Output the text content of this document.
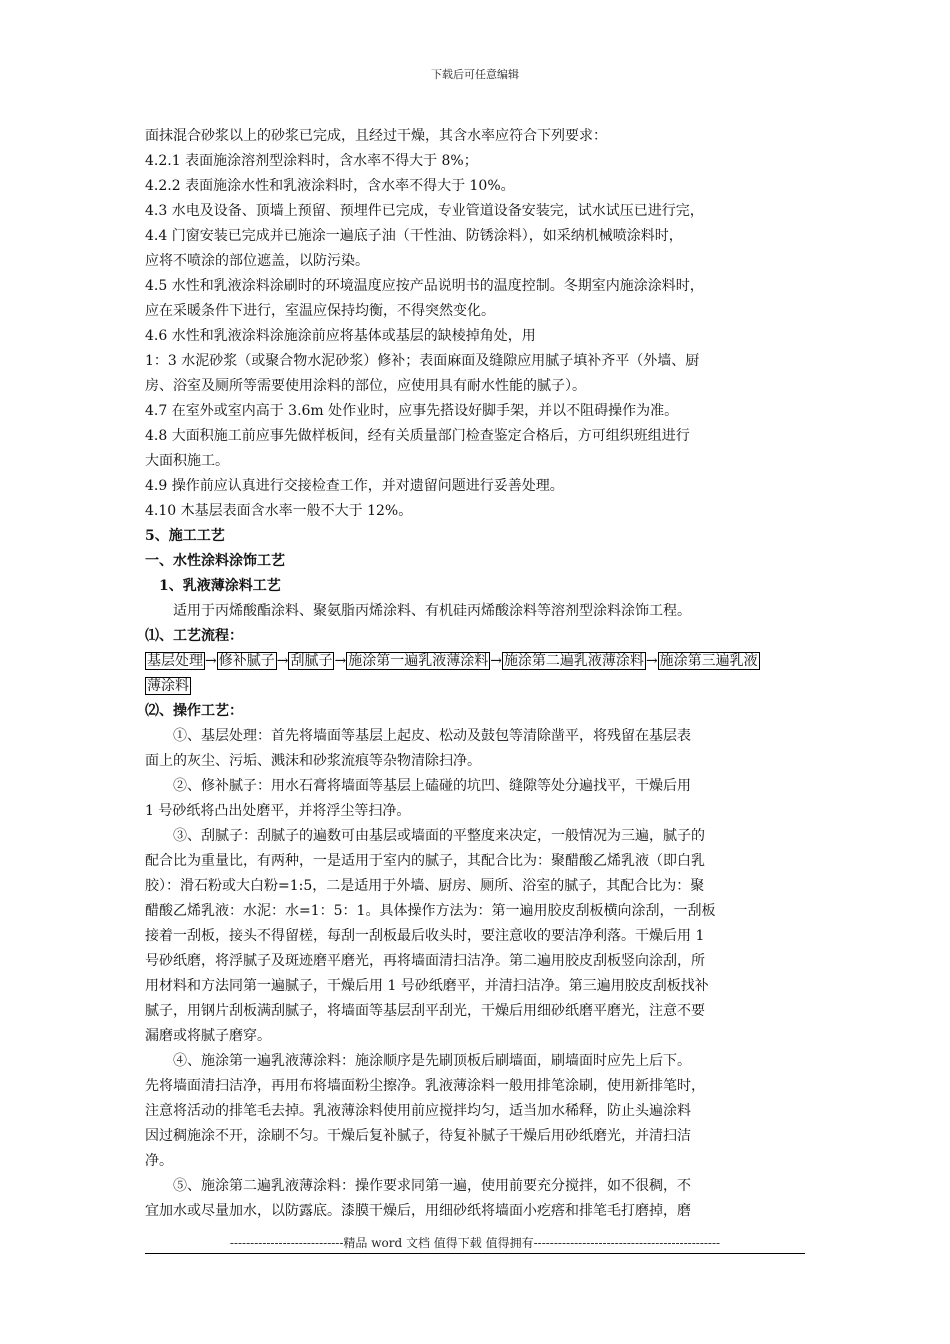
下载后可任意编辑

面抹混合砂浆以上的砂浆已完成，且经过干燥，其含水率应符合下列要求：

4.2.1 表面施涂溶剂型涂料时，含水率不得大于 8%；

4.2.2 表面施涂水性和乳液涂料时，含水率不得大于 10%。

4.3 水电及设备、顶墙上预留、预埋件已完成，专业管道设备安装完，试水试压已进行完，

4.4 门窗安装已完成并已施涂一遍底子油（干性油、防锈涂料），如采纳机械喷涂料时，

应将不喷涂的部位遮盖，以防污染。

4.5 水性和乳液涂料涂刷时的环境温度应按产品说明书的温度控制。冬期室内施涂涂料时，

应在采暖条件下进行，室温应保持均衡，不得突然变化。

4.6 水性和乳液涂料涂施涂前应将基体或基层的缺棱掉角处，用

1：3 水泥砂浆（或聚合物水泥砂浆）修补；表面麻面及缝隙应用腻子填补齐平（外墙、厨

房、浴室及厕所等需要使用涂料的部位，应使用具有耐水性能的腻子）。

4.7 在室外或室内高于 3.6m 处作业时，应事先搭设好脚手架，并以不阻碍操作为准。

4.8 大面积施工前应事先做样板间，经有关质量部门检查鉴定合格后，方可组织班组进行

大面积施工。

4.9 操作前应认真进行交接检查工作，并对遗留问题进行妥善处理。

4.10 木基层表面含水率一般不大于 12%。

5、施工工艺

一、水性涂料涂饰工艺

1、乳液薄涂料工艺

适用于丙烯酸酯涂料、聚氨脂丙烯涂料、有机硅丙烯酸涂料等溶剂型涂料涂饰工程。

⑴、工艺流程：

基层处理 → 修补腻子 → 刮腻子 → 施涂第一遍乳液薄涂料 → 施涂第二遍乳液薄涂料 → 施涂第三遍乳液
薄涂料

⑵、操作工艺：

①、基层处理：首先将墙面等基层上起皮、松动及鼓包等清除凿平，将残留在基层表

面上的灰尘、污垢、溅沫和砂浆流痕等杂物清除扫净。

②、修补腻子：用水石膏将墙面等基层上磕碰的坑凹、缝隙等处分遍找平，干燥后用

1 号砂纸将凸出处磨平，并将浮尘等扫净。

③、刮腻子：刮腻子的遍数可由基层或墙面的平整度来决定，一般情况为三遍，腻子的

配合比为重量比，有两种，一是适用于室内的腻子，其配合比为：聚醋酸乙烯乳液（即白乳

胶）：滑石粉或大白粉=1:5，二是适用于外墙、厨房、厕所、浴室的腻子，其配合比为：聚

醋酸乙烯乳液：水泥：水=1：5：1。具体操作方法为：第一遍用胶皮刮板横向涂刮，一刮板

接着一刮板，接头不得留槎，每刮一刮板最后收头时，要注意收的要洁净利落。干燥后用 1

号砂纸磨，将浮腻子及斑迹磨平磨光，再将墙面清扫洁净。第二遍用胶皮刮板竖向涂刮，所

用材料和方法同第一遍腻子，干燥后用 1 号砂纸磨平，并清扫洁净。第三遍用胶皮刮板找补

腻子，用钢片刮板满刮腻子，将墙面等基层刮平刮光，干燥后用细砂纸磨平磨光，注意不要

漏磨或将腻子磨穿。

④、施涂第一遍乳液薄涂料：施涂顺序是先刷顶板后刷墙面，刷墙面时应先上后下。

先将墙面清扫洁净，再用布将墙面粉尘擦净。乳液薄涂料一般用排笔涂刷，使用新排笔时，

注意将活动的排笔毛去掉。乳液薄涂料使用前应搅拌均匀，适当加水稀释，防止头遍涂料

因过稠施涂不开，涂刷不匀。干燥后复补腻子，待复补腻子干燥后用砂纸磨光，并清扫洁

净。

⑤、施涂第二遍乳液薄涂料：操作要求同第一遍，使用前要充分搅拌，如不很稠，不

宜加水或尽量加水，以防露底。漆膜干燥后，用细砂纸将墙面小疙瘩和排笔毛打磨掉，磨

----------------------------精品 word 文档 值得下载 值得拥有----------------------------------------------
